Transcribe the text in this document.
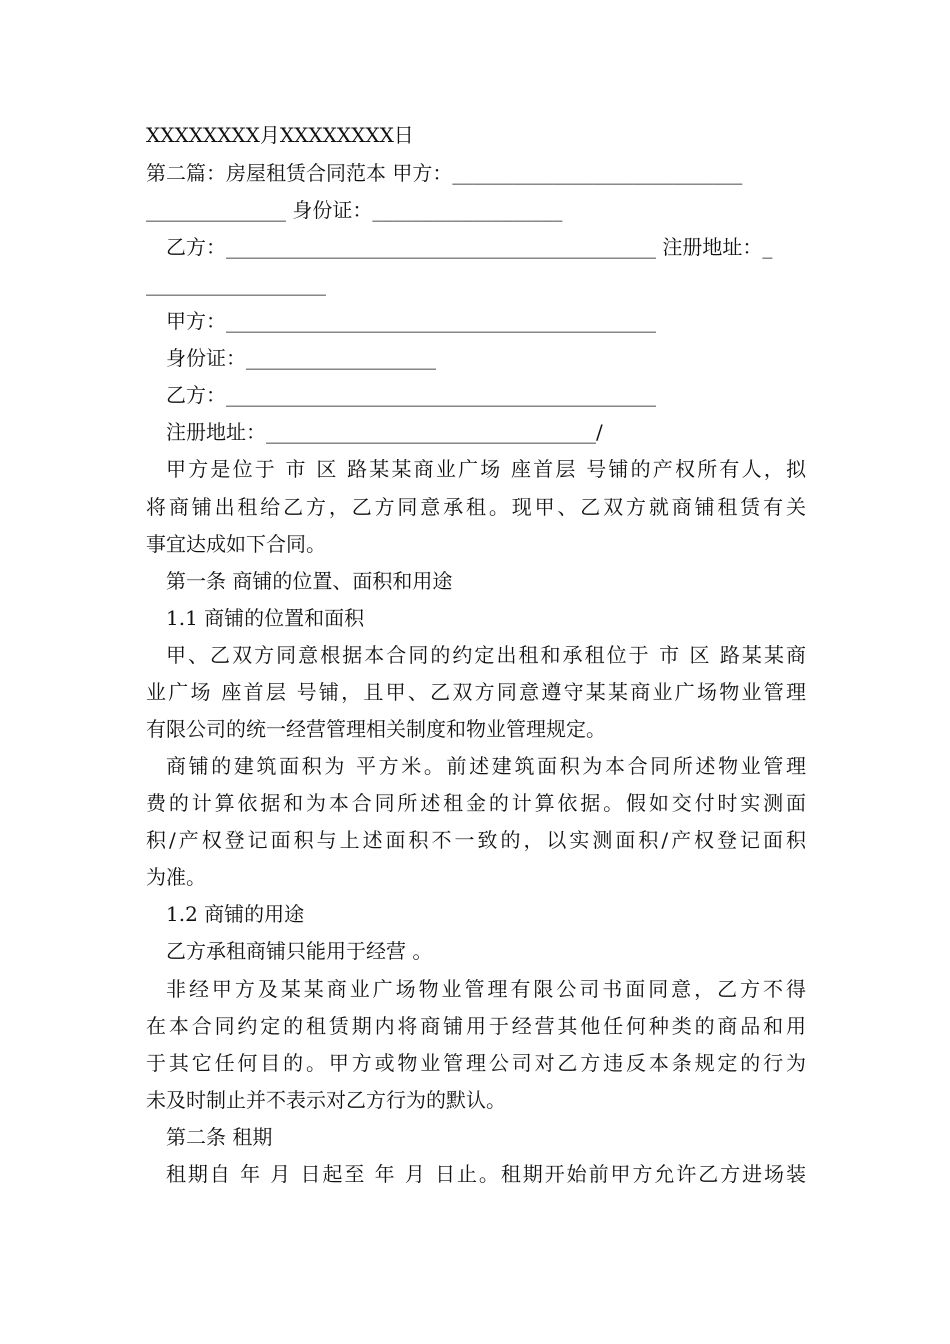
XXXXXXXX月XXXXXXXX日
第二篇：房屋租赁合同范本 甲方：_____________________________
______________ 身份证：___________________
乙方：___________________________________________ 注册地址：_
__________________
甲方：___________________________________________
身份证：___________________
乙方：___________________________________________
注册地址：_________________________________/
甲方是位于 市 区 路某某商业广场 座首层 号铺的产权所有人，拟
将商铺出租给乙方，乙方同意承租。现甲、乙双方就商铺租赁有关
事宜达成如下合同。
第一条 商铺的位置、面积和用途
1.1 商铺的位置和面积
甲、乙双方同意根据本合同的约定出租和承租位于 市 区 路某某商
业广场 座首层 号铺，且甲、乙双方同意遵守某某商业广场物业管理
有限公司的统一经营管理相关制度和物业管理规定。
商铺的建筑面积为 平方米。前述建筑面积为本合同所述物业管理
费的计算依据和为本合同所述租金的计算依据。假如交付时实测面
积/产权登记面积与上述面积不一致的，以实测面积/产权登记面积
为准。
1.2 商铺的用途
乙方承租商铺只能用于经营 。
非经甲方及某某商业广场物业管理有限公司书面同意，乙方不得
在本合同约定的租赁期内将商铺用于经营其他任何种类的商品和用
于其它任何目的。甲方或物业管理公司对乙方违反本条规定的行为
未及时制止并不表示对乙方行为的默认。
第二条 租期
租期自 年 月 日起至 年 月 日止。租期开始前甲方允许乙方进场装
